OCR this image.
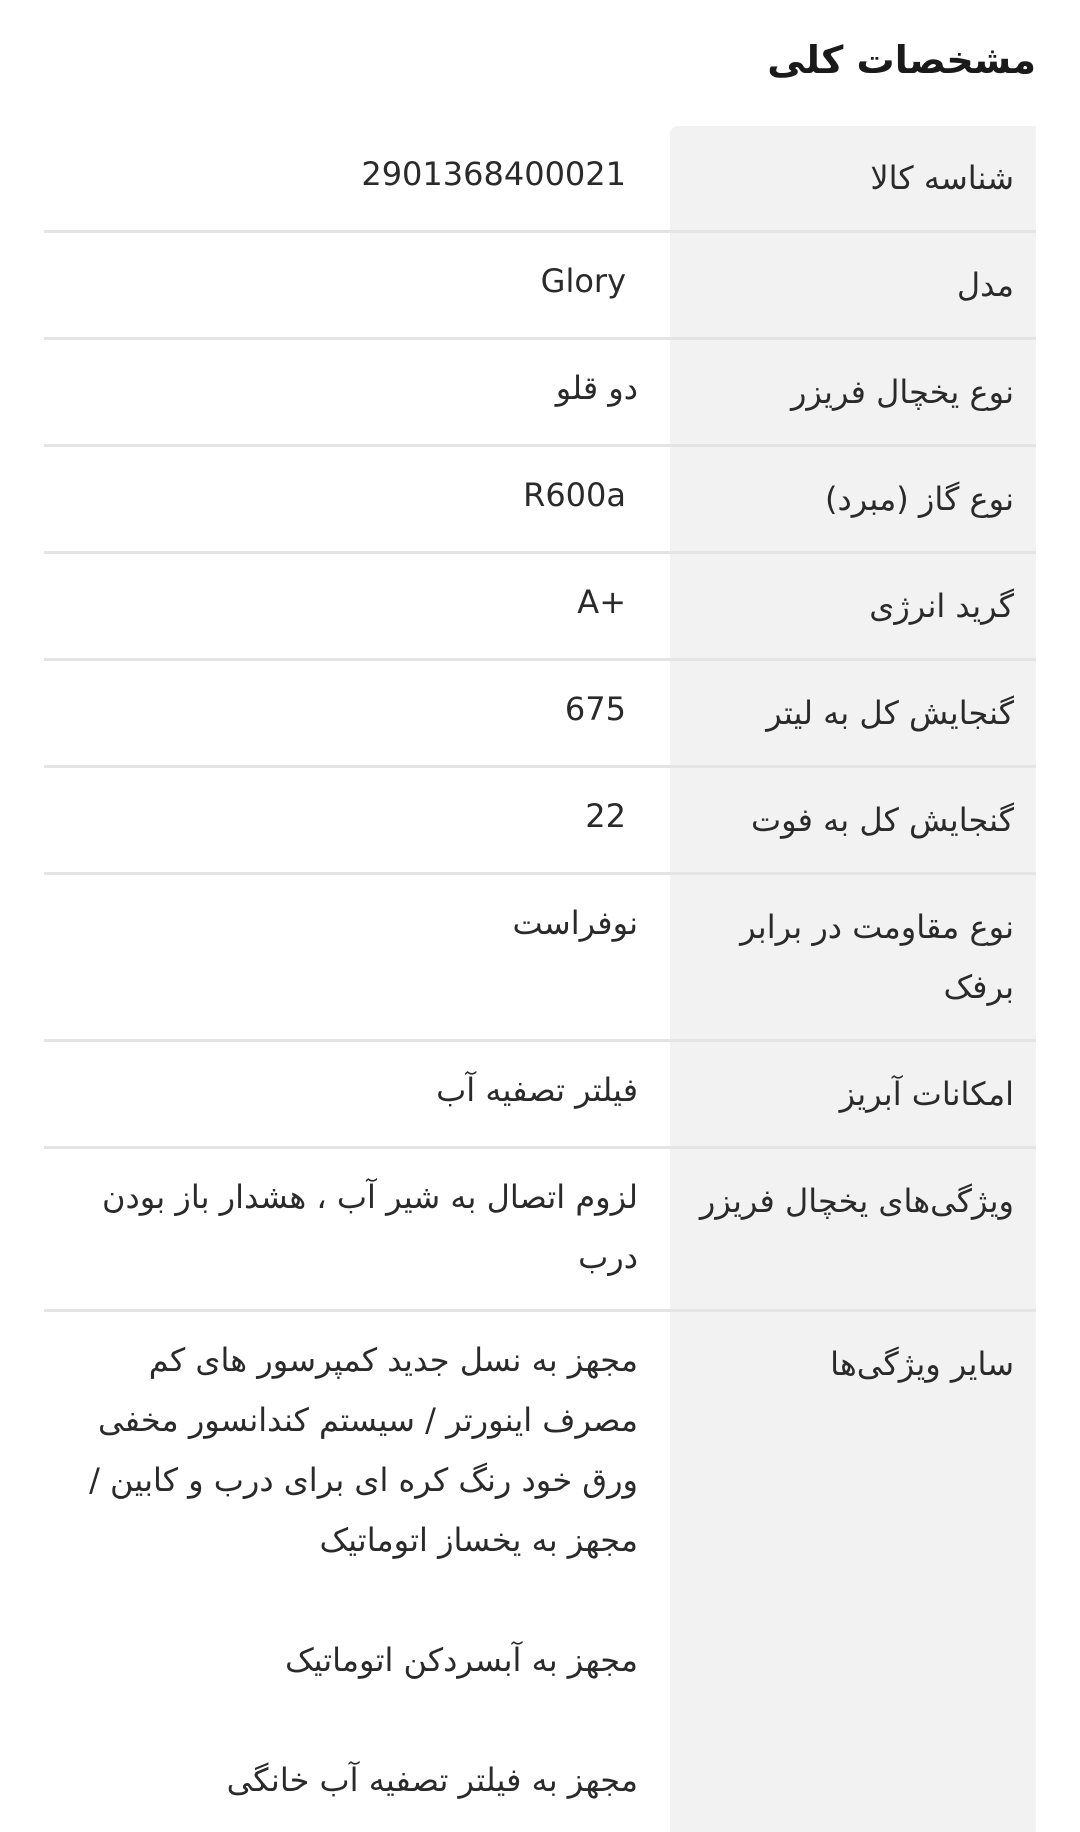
مشخصات کلی
شناسه کالا
2901368400021
مدل
Glory
نوع یخچال فریزر
دو قلو
نوع گاز (مبرد)
R600a
گرید انرژی
A+
گنجایش کل به لیتر
675
گنجایش کل به فوت
22
نوع مقاومت در برابر برفک
نوفراست
امکانات آبریز
فیلتر تصفیه آب
ویژگی‌های یخچال فریزر
لزوم اتصال به شیر آب ، هشدار باز بودن درب
سایر ویژگی‌ها
مجهز به نسل جدید کمپرسور های کم مصرف اینورتر / سیستم کندانسور مخفی ورق خود رنگ کره ای برای درب و کابین / مجهز به یخساز اتوماتیک

مجهز به آبسردکن اتوماتیک

مجهز به فیلتر تصفیه آب خانگی
